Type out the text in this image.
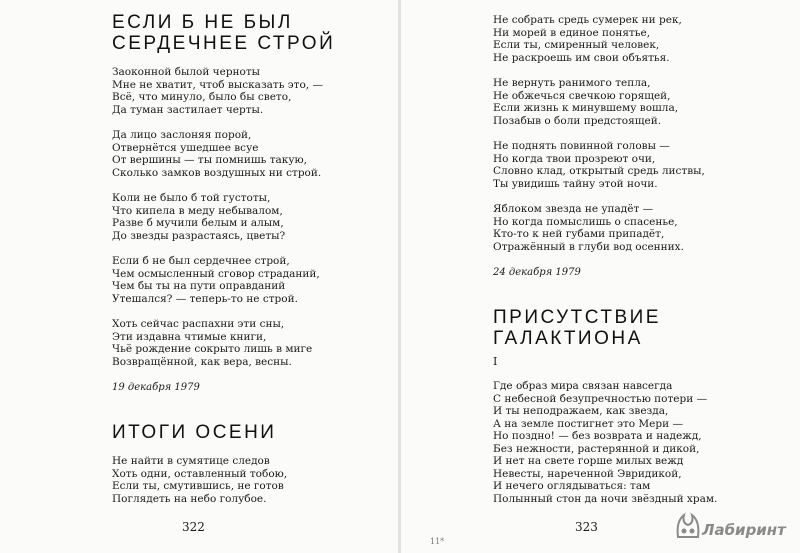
ЕСЛИ Б НЕ БЫЛ
СЕРДЕЧНЕЕ СТРОЙ
Заоконной былой черноты
Мне не хватит, чтоб высказать это, —
Всё, что минуло, было бы свето,
Да туман застилает черты.
Да лицо заслоняя порой,
Отвернётся ушедшее всуе
От вершины — ты помнишь такую,
Сколько замков воздушных ни строй.
Коли не было б той густоты,
Что кипела в меду небывалом,
Разве б мучили белым и алым,
До звезды разрастаясь, цветы?
Если б не был сердечнее строй,
Чем осмысленный сговор страданий,
Чем бы ты на пути оправданий
Утешался? — теперь-то не строй.
Хоть сейчас распахни эти сны,
Эти издавна чтимые книги,
Чьё рождение сокрыто лишь в миге
Возвращённой, как вера, весны.
19 декабря 1979
ИТОГИ ОСЕНИ
Не найти в сумятице следов
Хоть одни, оставленный тобою,
Если ты, смутившись, не готов
Поглядеть на небо голубое.
322
Не собрать средь сумерек ни рек,
Ни морей в единое понятье,
Если ты, смиренный человек,
Не раскроешь им свои объятья.
Не вернуть ранимого тепла,
Не обжечься свечкою горящей,
Если жизнь к минувшему вошла,
Позабыв о боли предстоящей.
Не поднять повинной головы —
Но когда твои прозреют очи,
Словно клад, открытый средь листвы,
Ты увидишь тайну этой ночи.
Яблоком звезда не упадёт —
Но когда помыслишь о спасенье,
Кто-то к ней губами припадёт,
Отражённый в глуби вод осенних.
24 декабря 1979
ПРИСУТСТВИЕ
ГАЛАКТИОНА
I
Где образ мира связан навсегда
С небесной безупречностью потери —
И ты неподражаем, как звезда,
А на земле постигнет это Мери —
Но поздно! — без возврата и надежд,
Без нежности, растерянной и дикой,
И нет на свете горше милых вежд
Невесты, нареченной Эвридикой,
И нечего оглядываться: там
Полынный стон да ночи звёздный храм.
323
11*
Лабиринт
